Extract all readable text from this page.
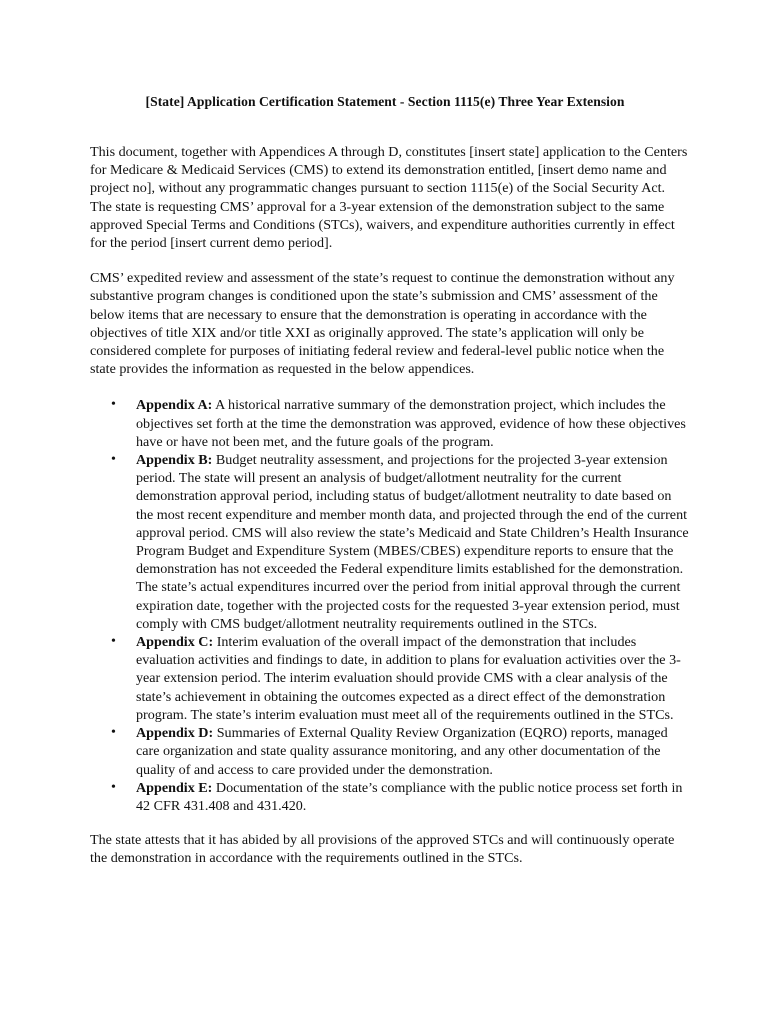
[State] Application Certification Statement - Section 1115(e) Three Year Extension

This document, together with Appendices A through D, constitutes [insert state] application to the Centers for Medicare & Medicaid Services (CMS) to extend its demonstration entitled, [insert demo name and project no], without any programmatic changes pursuant to section 1115(e) of the Social Security Act. The state is requesting CMS’ approval for a 3-year extension of the demonstration subject to the same approved Special Terms and Conditions (STCs), waivers, and expenditure authorities currently in effect for the period [insert current demo period].

CMS’ expedited review and assessment of the state’s request to continue the demonstration without any substantive program changes is conditioned upon the state’s submission and CMS’ assessment of the below items that are necessary to ensure that the demonstration is operating in accordance with the objectives of title XIX and/or title XXI as originally approved. The state’s application will only be considered complete for purposes of initiating federal review and federal-level public notice when the state provides the information as requested in the below appendices.

• Appendix A: A historical narrative summary of the demonstration project, which includes the objectives set forth at the time the demonstration was approved, evidence of how these objectives have or have not been met, and the future goals of the program.
• Appendix B: Budget neutrality assessment, and projections for the projected 3-year extension period. The state will present an analysis of budget/allotment neutrality for the current demonstration approval period, including status of budget/allotment neutrality to date based on the most recent expenditure and member month data, and projected through the end of the current approval period. CMS will also review the state’s Medicaid and State Children’s Health Insurance Program Budget and Expenditure System (MBES/CBES) expenditure reports to ensure that the demonstration has not exceeded the Federal expenditure limits established for the demonstration. The state’s actual expenditures incurred over the period from initial approval through the current expiration date, together with the projected costs for the requested 3-year extension period, must comply with CMS budget/allotment neutrality requirements outlined in the STCs.
• Appendix C: Interim evaluation of the overall impact of the demonstration that includes evaluation activities and findings to date, in addition to plans for evaluation activities over the 3-year extension period. The interim evaluation should provide CMS with a clear analysis of the state’s achievement in obtaining the outcomes expected as a direct effect of the demonstration program. The state’s interim evaluation must meet all of the requirements outlined in the STCs.
• Appendix D: Summaries of External Quality Review Organization (EQRO) reports, managed care organization and state quality assurance monitoring, and any other documentation of the quality of and access to care provided under the demonstration.
• Appendix E: Documentation of the state’s compliance with the public notice process set forth in 42 CFR 431.408 and 431.420.

The state attests that it has abided by all provisions of the approved STCs and will continuously operate the demonstration in accordance with the requirements outlined in the STCs.
